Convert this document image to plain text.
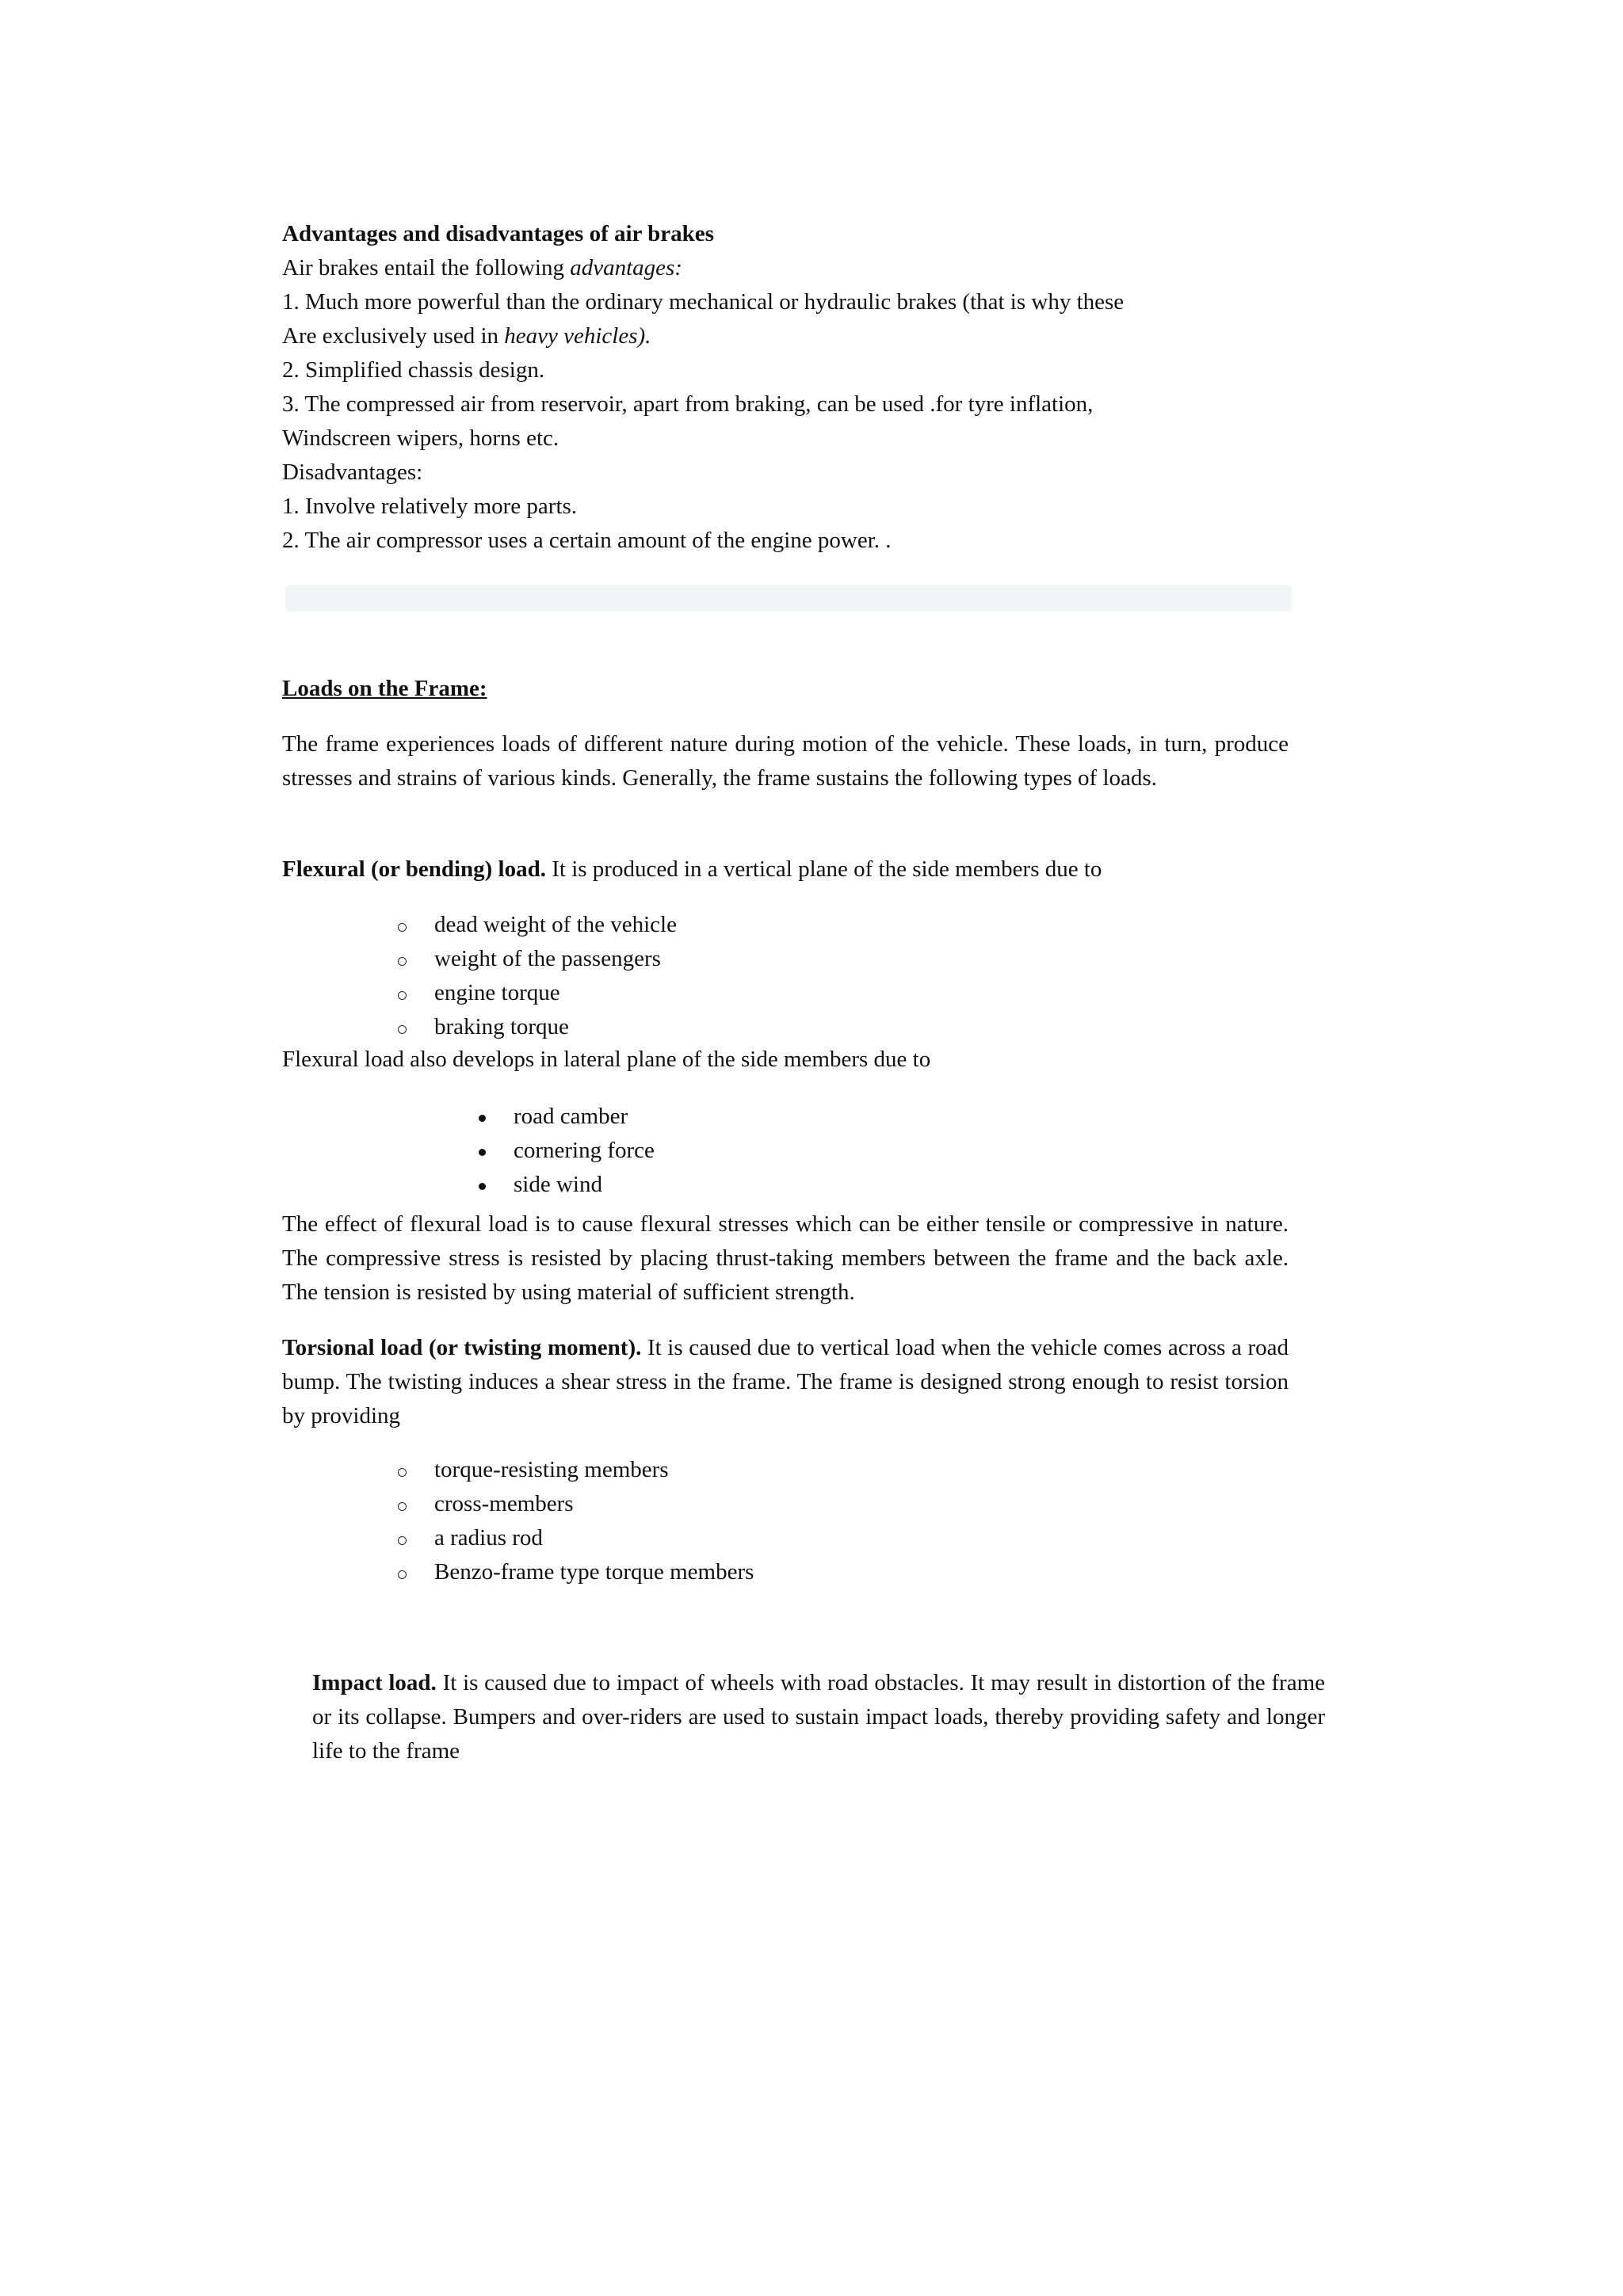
Advantages and disadvantages of air brakes
Air brakes entail the following advantages:
1. Much more powerful than the ordinary mechanical or hydraulic brakes (that is why these
Are exclusively used in heavy vehicles).
2. Simplified chassis design.
3. The compressed air from reservoir, apart from braking, can be used .for tyre inflation,
Windscreen wipers, horns etc.
Disadvantages:
1. Involve relatively more parts.
2. The air compressor uses a certain amount of the engine power. .
Loads on the Frame:
The frame experiences loads of different nature during motion of the vehicle. These loads, in turn, produce stresses and strains of various kinds. Generally, the frame sustains the following types of loads.
Flexural (or bending) load. It is produced in a vertical plane of the side members due to
dead weight of the vehicle
weight of the passengers
engine torque
braking torque
Flexural load also develops in lateral plane of the side members due to
road camber
cornering force
side wind
The effect of flexural load is to cause flexural stresses which can be either tensile or compressive in nature. The compressive stress is resisted by placing thrust-taking members between the frame and the back axle. The tension is resisted by using material of sufficient strength.
Torsional load (or twisting moment). It is caused due to vertical load when the vehicle comes across a road bump. The twisting induces a shear stress in the frame. The frame is designed strong enough to resist torsion by providing
torque-resisting members
cross-members
a radius rod
Benzo-frame type torque members
Impact load. It is caused due to impact of wheels with road obstacles. It may result in distortion of the frame or its collapse. Bumpers and over-riders are used to sustain impact loads, thereby providing safety and longer life to the frame
